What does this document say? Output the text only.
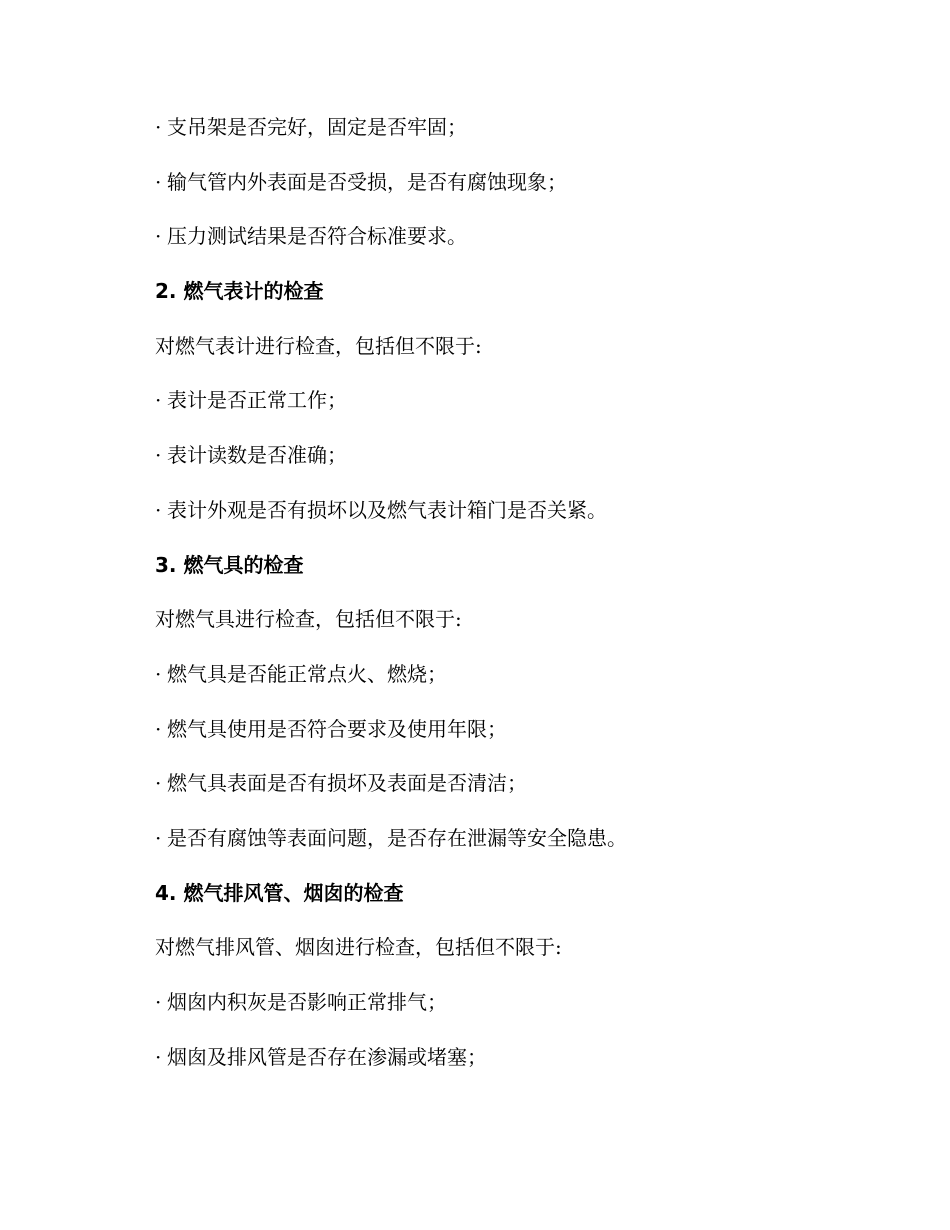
· 支吊架是否完好，固定是否牢固；
· 输气管内外表面是否受损，是否有腐蚀现象；
· 压力测试结果是否符合标准要求。
2. 燃气表计的检查
对燃气表计进行检查，包括但不限于:
· 表计是否正常工作；
· 表计读数是否准确；
· 表计外观是否有损坏以及燃气表计箱门是否关紧。
3. 燃气具的检查
对燃气具进行检查，包括但不限于:
· 燃气具是否能正常点火、燃烧；
· 燃气具使用是否符合要求及使用年限；
· 燃气具表面是否有损坏及表面是否清洁；
· 是否有腐蚀等表面问题，是否存在泄漏等安全隐患。
4. 燃气排风管、烟囱的检查
对燃气排风管、烟囱进行检查，包括但不限于:
· 烟囱内积灰是否影响正常排气；
· 烟囱及排风管是否存在渗漏或堵塞；
